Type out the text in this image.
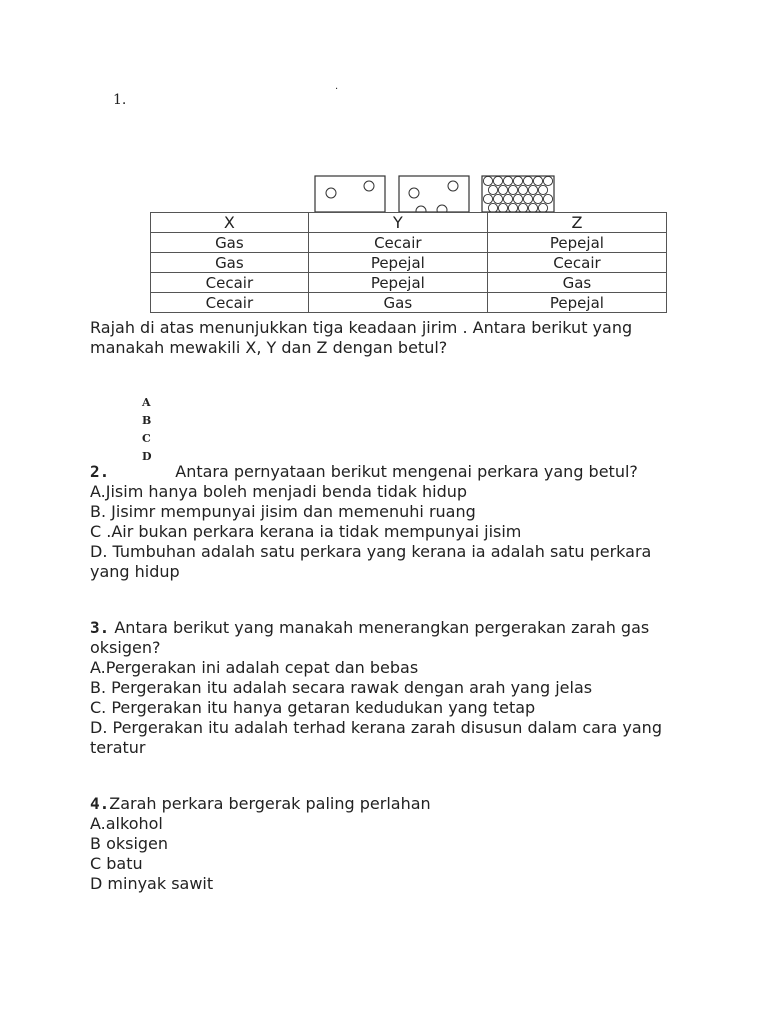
1.
·
X	Y	Z
Gas	Cecair	Pepejal
Gas	Pepejal	Cecair
Cecair	Pepejal	Gas
Cecair	Gas	Pepejal
Rajah di atas menunjukkan tiga keadaan jirim . Antara berikut yang
manakah mewakili X, Y dan Z dengan betul?
A
B
C
D
2.	Antara pernyataan berikut mengenai perkara yang betul?
A.Jisim hanya boleh menjadi benda tidak hidup
B. Jisimr mempunyai jisim dan memenuhi ruang
C .Air bukan perkara kerana ia tidak mempunyai jisim
D. Tumbuhan adalah satu perkara yang kerana ia adalah satu perkara
yang hidup
3. Antara berikut yang manakah menerangkan pergerakan zarah gas
oksigen?
A.Pergerakan ini adalah cepat dan bebas
B. Pergerakan itu adalah secara rawak dengan arah yang jelas
C. Pergerakan itu hanya getaran kedudukan yang tetap
D. Pergerakan itu adalah terhad kerana zarah disusun dalam cara yang
teratur
4.Zarah perkara bergerak paling perlahan
A.alkohol
B oksigen
C batu
D minyak sawit
